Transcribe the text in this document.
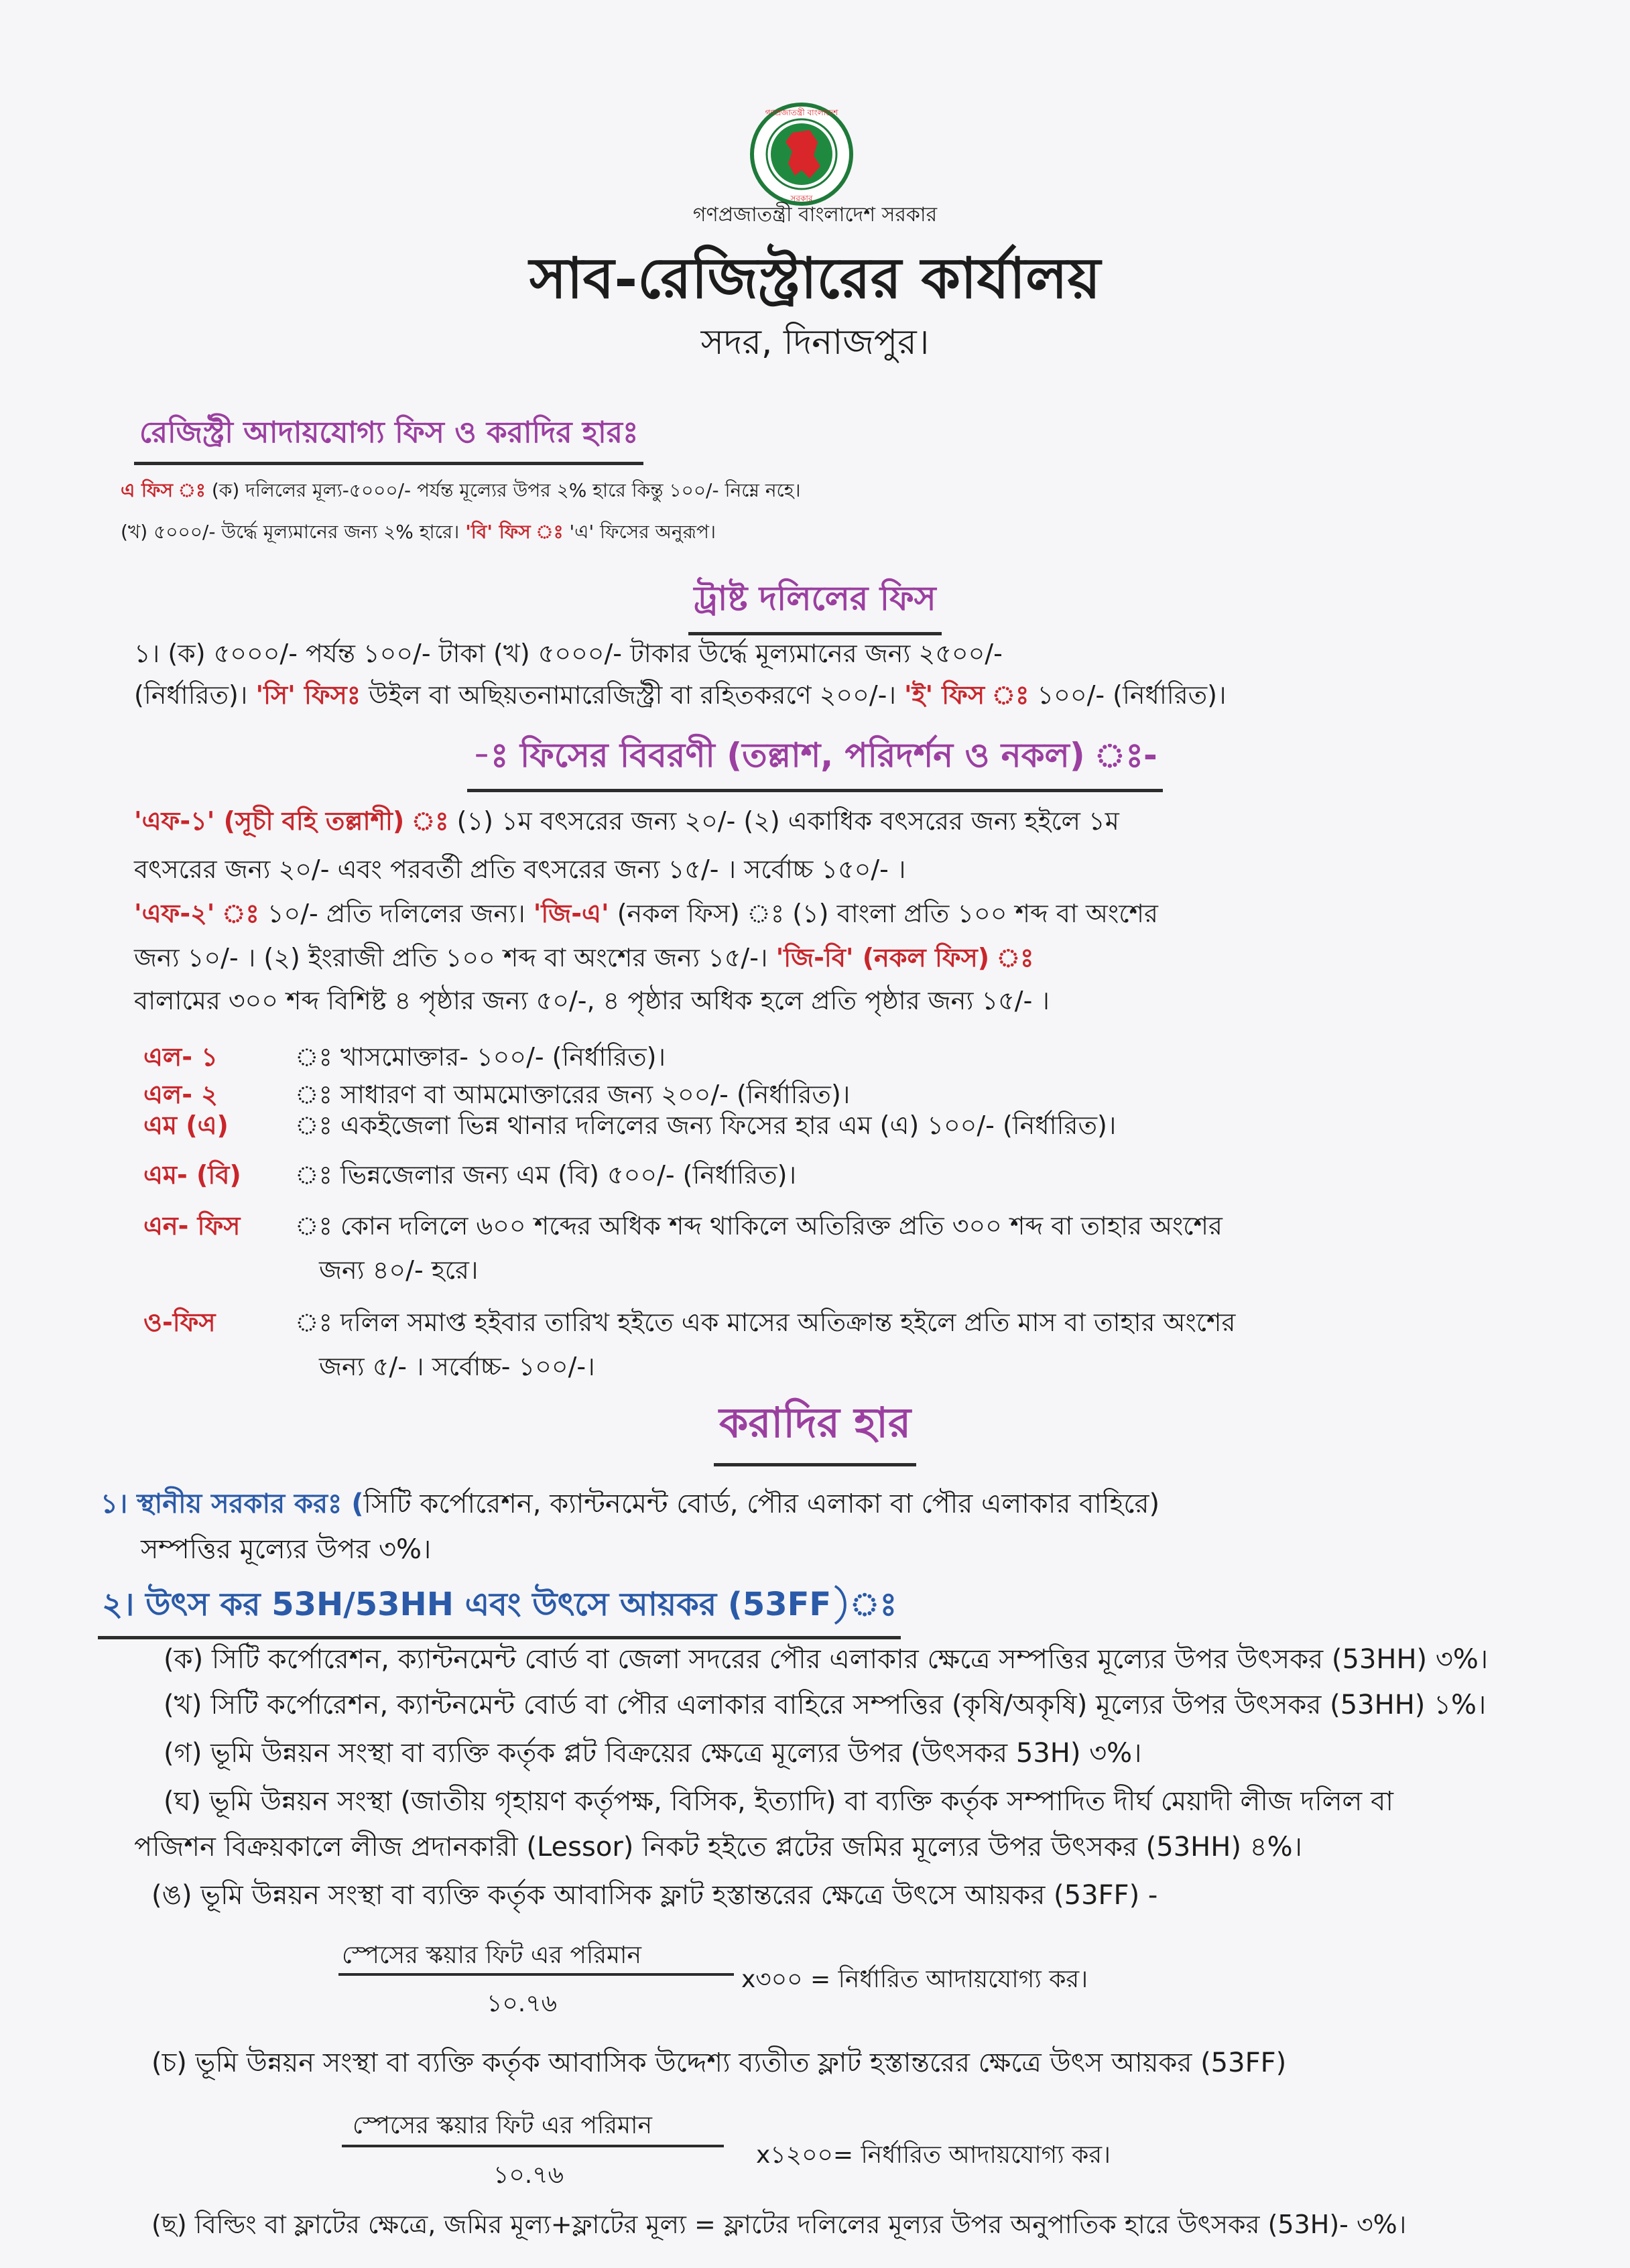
গণপ্রজাতন্ত্রী বাংলাদেশ
সরকার
গণপ্রজাতন্ত্রী বাংলাদেশ সরকার
সাব-রেজিস্ট্রারের কার্যালয়
সদর, দিনাজপুর।
রেজিস্ট্রী আদায়যোগ্য ফিস ও করাদির হারঃ
এ ফিস ঃ (ক) দলিলের মূল্য-৫০০০/- পর্যন্ত মূল্যের উপর ২% হারে কিন্তু ১০০/- নিম্নে নহে।
(খ) ৫০০০/- উর্দ্ধে মূল্যমানের জন্য ২% হারে। 'বি' ফিস ঃ 'এ' ফিসের অনুরূপ।
ট্রাষ্ট দলিলের ফিস
১। (ক) ৫০০০/- পর্যন্ত ১০০/- টাকা (খ) ৫০০০/- টাকার উর্দ্ধে মূল্যমানের জন্য ২৫০০/-
(নির্ধারিত)। 'সি' ফিসঃ উইল বা অছিয়তনামারেজিস্ট্রী বা রহিতকরণে ২০০/-। 'ই' ফিস ঃ ১০০/- (নির্ধারিত)।
-ঃ ফিসের বিবরণী (তল্লাশ, পরিদর্শন ও নকল) ঃ-
'এফ-১' (সূচী বহি তল্লাশী) ঃ (১) ১ম বৎসরের জন্য ২০/- (২) একাধিক বৎসরের জন্য হইলে ১ম
বৎসরের জন্য ২০/- এবং পরবর্তী প্রতি বৎসরের জন্য ১৫/- । সর্বোচ্চ ১৫০/- ।
'এফ-২' ঃ ১০/- প্রতি দলিলের জন্য। 'জি-এ' (নকল ফিস) ঃ (১) বাংলা প্রতি ১০০ শব্দ বা অংশের
জন্য ১০/- । (২) ইংরাজী প্রতি ১০০ শব্দ বা অংশের জন্য ১৫/-। 'জি-বি' (নকল ফিস) ঃ
বালামের ৩০০ শব্দ বিশিষ্ট ৪ পৃষ্ঠার জন্য ৫০/-, ৪ পৃষ্ঠার অধিক হলে প্রতি পৃষ্ঠার জন্য ১৫/- ।
এল- ১	ঃ খাসমোক্তার- ১০০/- (নির্ধারিত)।
এল- ২	ঃ সাধারণ বা আমমোক্তারের জন্য ২০০/- (নির্ধারিত)।
এম (এ)	ঃ একইজেলা ভিন্ন থানার দলিলের জন্য ফিসের হার এম (এ) ১০০/- (নির্ধারিত)।
এম- (বি) ঃ ভিন্নজেলার জন্য এম (বি) ৫০০/- (নির্ধারিত)।
এন- ফিস ঃ কোন দলিলে ৬০০ শব্দের অধিক শব্দ থাকিলে অতিরিক্ত প্রতি ৩০০ শব্দ বা তাহার অংশের
জন্য ৪০/- হরে।
ও-ফিস	ঃ দলিল সমাপ্ত হইবার তারিখ হইতে এক মাসের অতিক্রান্ত হইলে প্রতি মাস বা তাহার অংশের
জন্য ৫/- । সর্বোচ্চ- ১০০/-।
করাদির হার
১। স্থানীয় সরকার করঃ (সিটি কর্পোরেশন, ক্যান্টনমেন্ট বোর্ড, পৌর এলাকা বা পৌর এলাকার বাহিরে)
সম্পত্তির মূল্যের উপর ৩%।
২। উৎস কর 53H/53HH এবং উৎসে আয়কর (53FF)ঃ
(ক) সিটি কর্পোরেশন, ক্যান্টনমেন্ট বোর্ড বা জেলা সদরের পৌর এলাকার ক্ষেত্রে সম্পত্তির মূল্যের উপর উৎসকর (53HH) ৩%।
(খ) সিটি কর্পোরেশন, ক্যান্টনমেন্ট বোর্ড বা পৌর এলাকার বাহিরে সম্পত্তির (কৃষি/অকৃষি) মূল্যের উপর উৎসকর (53HH) ১%।
(গ) ভূমি উন্নয়ন সংস্থা বা ব্যক্তি কর্তৃক প্লট বিক্রয়ের ক্ষেত্রে মূল্যের উপর (উৎসকর 53H) ৩%।
(ঘ) ভূমি উন্নয়ন সংস্থা (জাতীয় গৃহায়ণ কর্তৃপক্ষ, বিসিক, ইত্যাদি) বা ব্যক্তি কর্তৃক সম্পাদিত দীর্ঘ মেয়াদী লীজ দলিল বা
পজিশন বিক্রয়কালে লীজ প্রদানকারী (Lessor) নিকট হইতে প্লটের জমির মূল্যের উপর উৎসকর (53HH) ৪%।
(ঙ) ভূমি উন্নয়ন সংস্থা বা ব্যক্তি কর্তৃক আবাসিক ফ্লাট হস্তান্তরের ক্ষেত্রে উৎসে আয়কর (53FF) -
স্পেসের স্কয়ার ফিট এর পরিমান
১০.৭৬
x৩০০ = নির্ধারিত আদায়যোগ্য কর।
(চ) ভূমি উন্নয়ন সংস্থা বা ব্যক্তি কর্তৃক আবাসিক উদ্দেশ্য ব্যতীত ফ্লাট হস্তান্তরের ক্ষেত্রে উৎস আয়কর (53FF)
স্পেসের স্কয়ার ফিট এর পরিমান
১০.৭৬
x১২০০= নির্ধারিত আদায়যোগ্য কর।
(ছ) বিল্ডিং বা ফ্লাটের ক্ষেত্রে, জমির মূল্য+ফ্লাটের মূল্য = ফ্লাটের দলিলের মূল্যর উপর অনুপাতিক হারে উৎসকর (53H)- ৩%।
